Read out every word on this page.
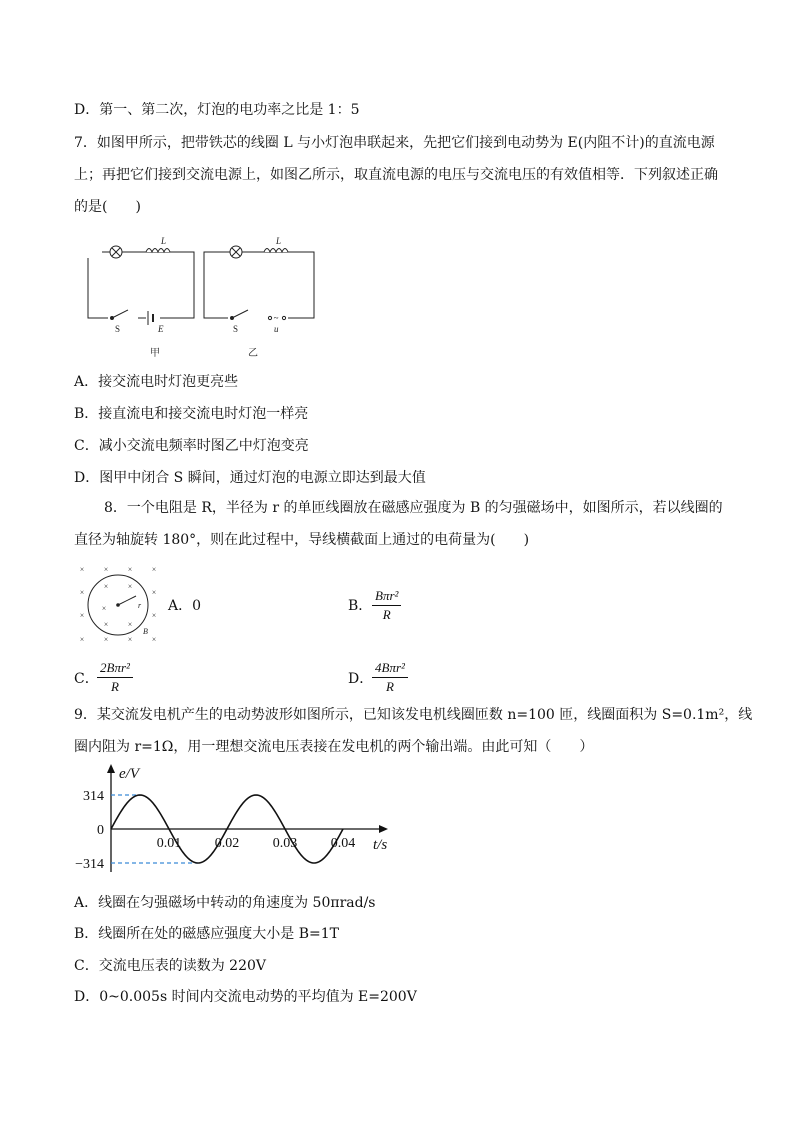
D．第一、第二次，灯泡的电功率之比是 1：5
7．如图甲所示，把带铁芯的线圈 L 与小灯泡串联起来，先把它们接到电动势为 E(内阻不计)的直流电源
上；再把它们接到交流电源上，如图乙所示，取直流电源的电压与交流电压的有效值相等．下列叙述正确
的是(　　)
~
L
S	E
甲
L
S	u
乙
A．接交流电时灯泡更亮些
B．接直流电和接交流电时灯泡一样亮
C．减小交流电频率时图乙中灯泡变亮
D．图甲中闭合 S 瞬间，通过灯泡的电源立即达到最大值
8．一个电阻是 R，半径为 r 的单匝线圈放在磁感应强度为 B 的匀强磁场中，如图所示，若以线圈的
直径为轴旋转 180°，则在此过程中，导线横截面上通过的电荷量为(　　)
× × × ×
×	×
×	×
× × × ×
× ×
×
× ×
r
B
A．0	B．
Bπr²
R
C．
2Bπr²
R	D．
4Bπr²
R
9．某交流发电机产生的电动势波形如图所示，已知该发电机线圈匝数 n=100 匝，线圈面积为 S=0.1m²，线
圈内阻为 r=1Ω，用一理想交流电压表接在发电机的两个输出端。由此可知（　　）
e/V
t/s
314
0
−314
0.01 0.02 0.03 0.04
A．线圈在匀强磁场中转动的角速度为 50πrad/s
B．线圈所在处的磁感应强度大小是 B=1T
C．交流电压表的读数为 220V
D．0~0.005s 时间内交流电动势的平均值为 E=200V
